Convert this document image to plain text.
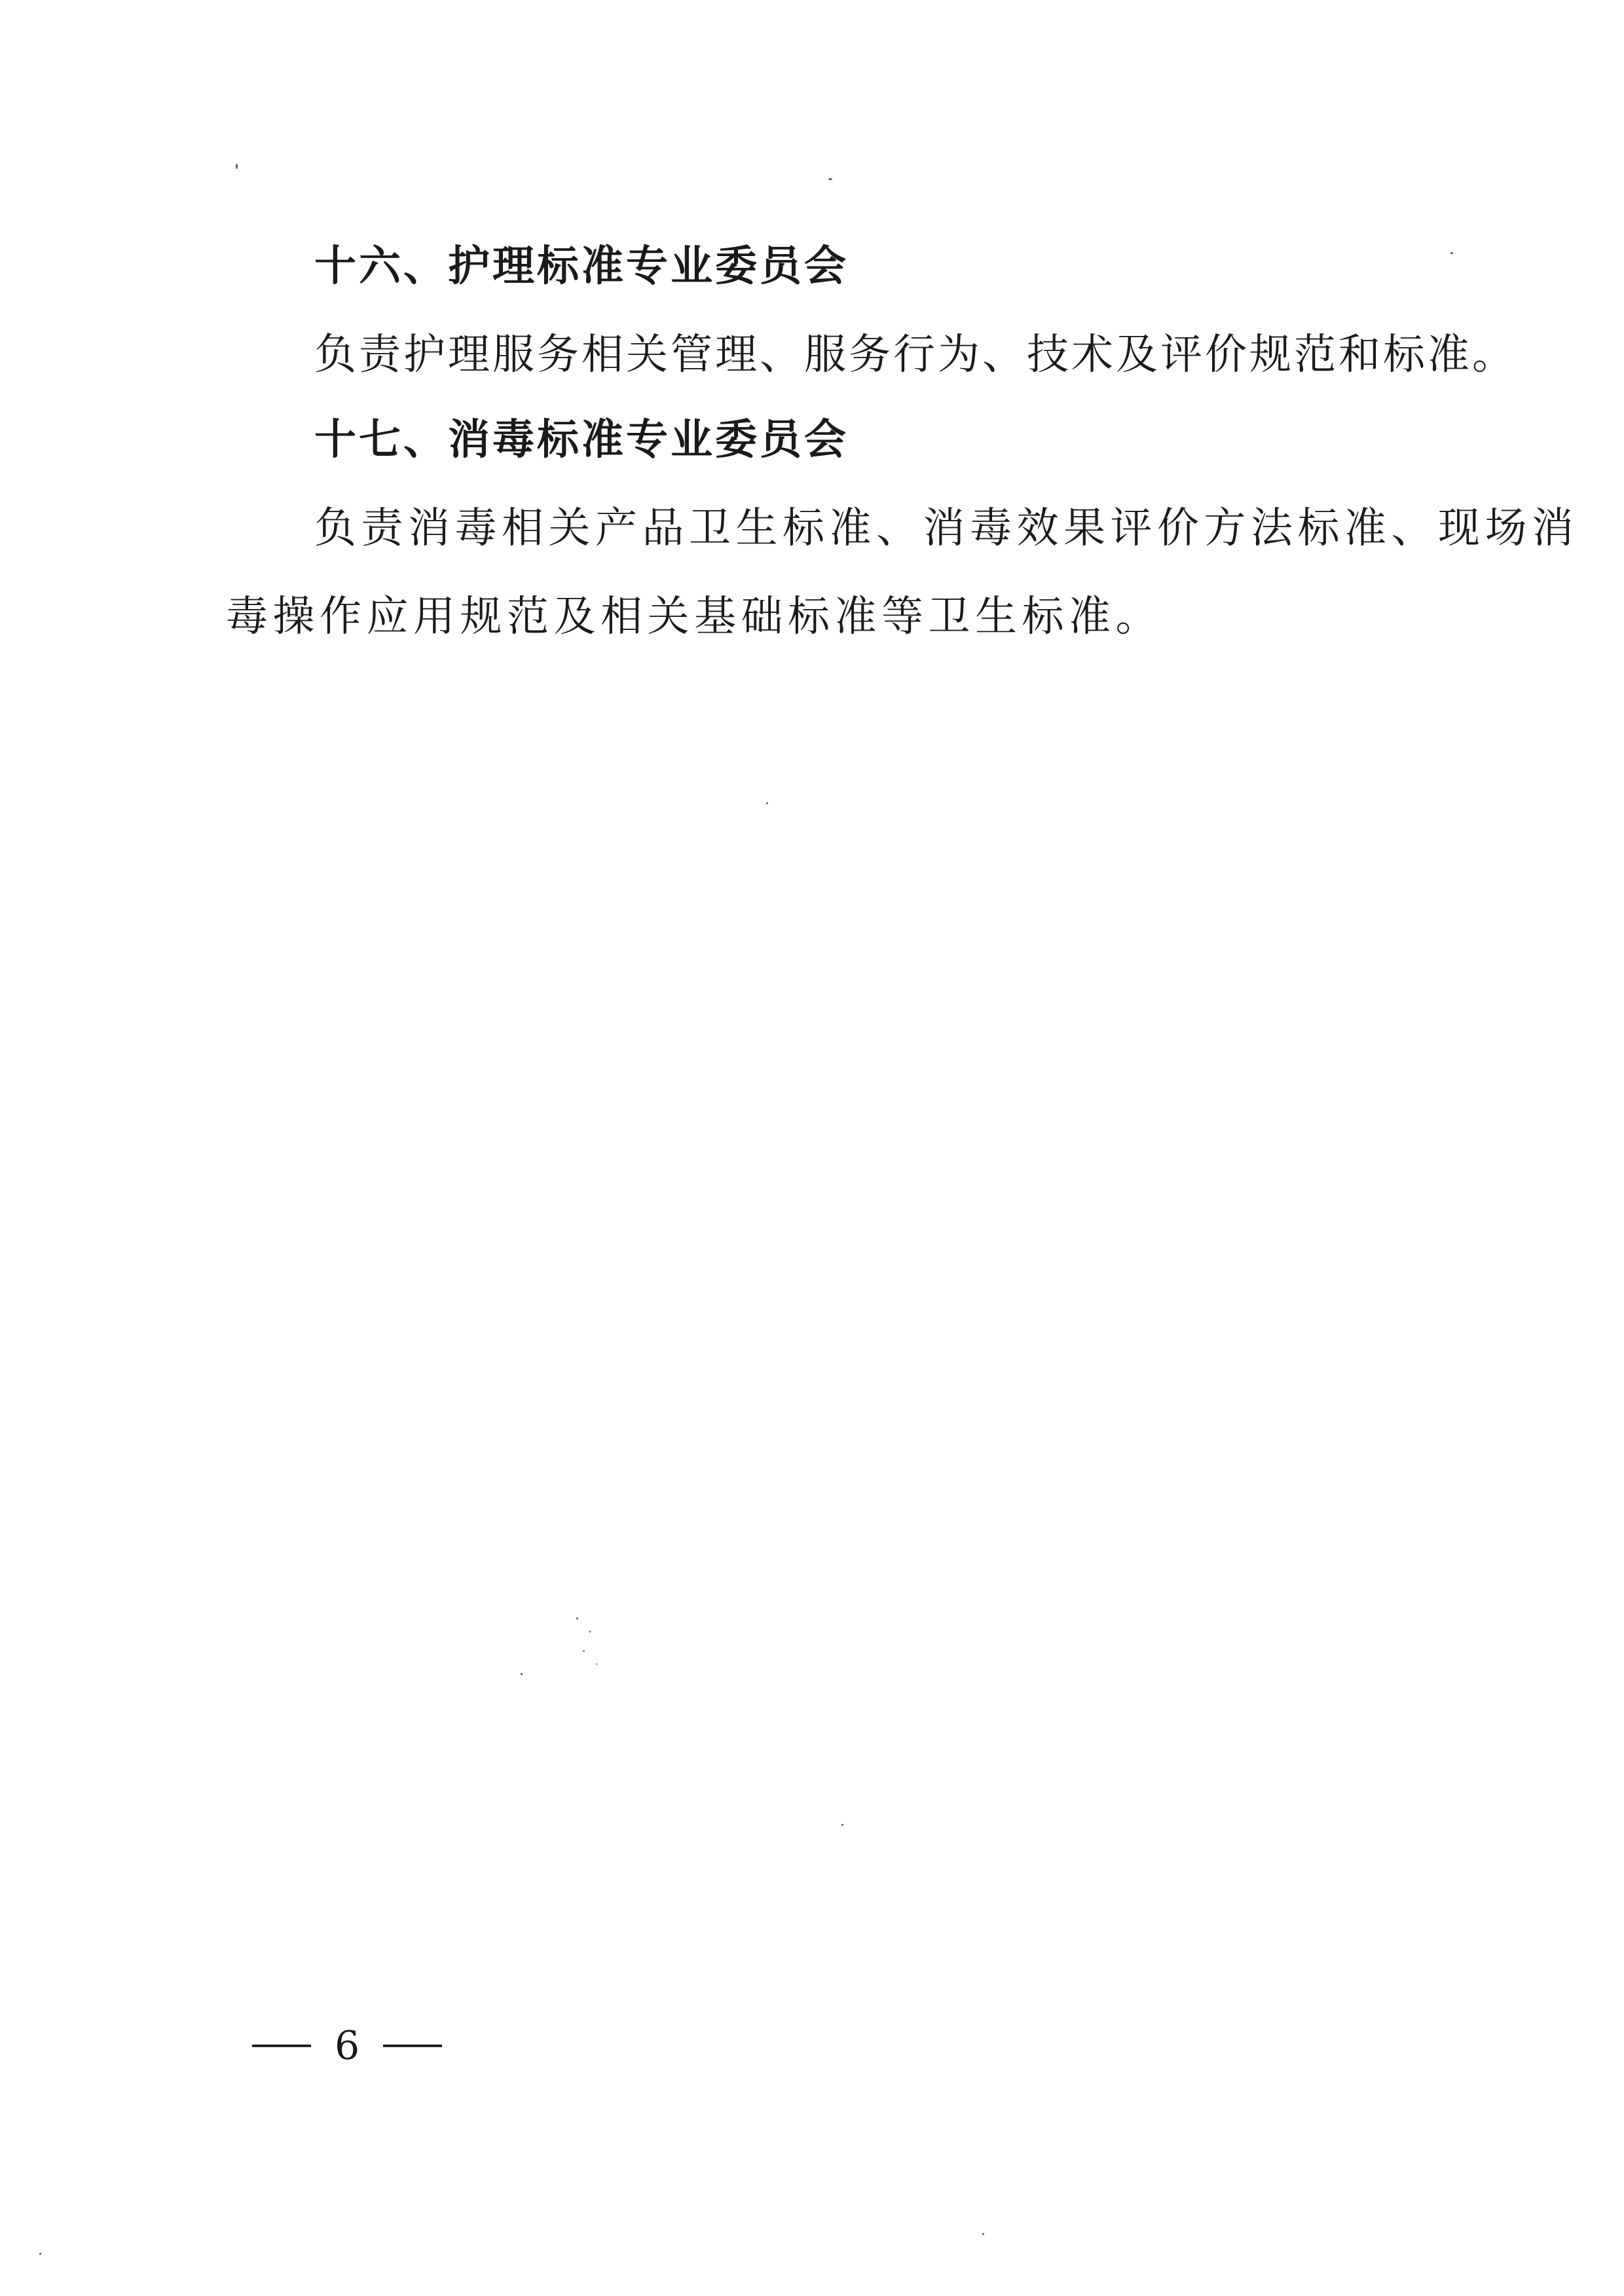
十六、护理标准专业委员会
负责护理服务相关管理、服务行为、技术及评价规范和标准。
十七、消毒标准专业委员会
负责消毒相关产品卫生标准、消毒效果评价方法标准、现场消
毒操作应用规范及相关基础标准等卫生标准。
6
